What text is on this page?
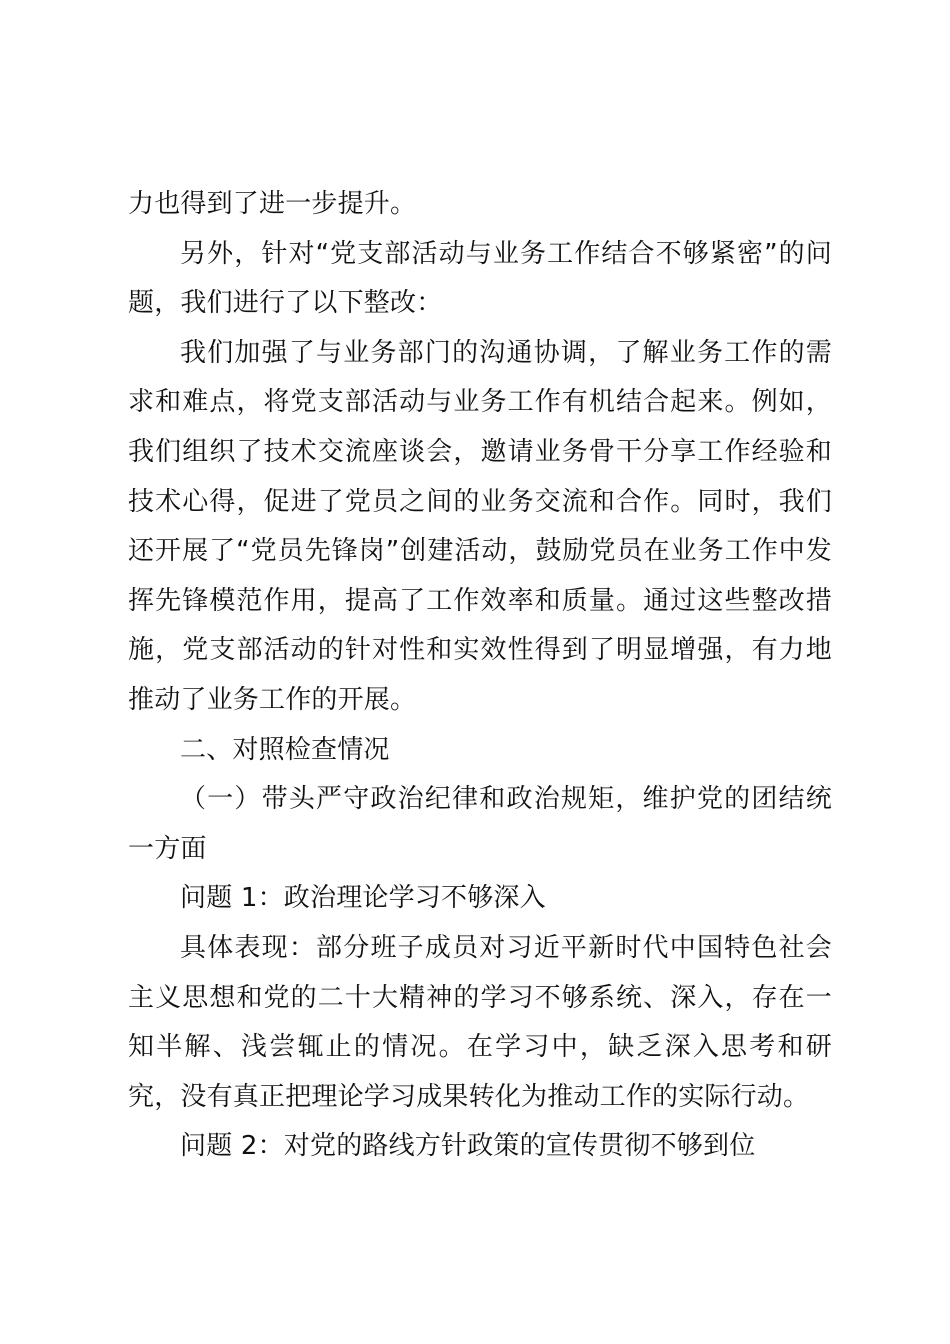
力也得到了进一步提升。

另外，针对“党支部活动与业务工作结合不够紧密”的问题，我们进行了以下整改：

我们加强了与业务部门的沟通协调，了解业务工作的需求和难点，将党支部活动与业务工作有机结合起来。例如，我们组织了技术交流座谈会，邀请业务骨干分享工作经验和技术心得，促进了党员之间的业务交流和合作。同时，我们还开展了“党员先锋岗”创建活动，鼓励党员在业务工作中发挥先锋模范作用，提高了工作效率和质量。通过这些整改措施，党支部活动的针对性和实效性得到了明显增强，有力地推动了业务工作的开展。

二、对照检查情况

（一）带头严守政治纪律和政治规矩，维护党的团结统一方面

问题 1：政治理论学习不够深入

具体表现：部分班子成员对习近平新时代中国特色社会主义思想和党的二十大精神的学习不够系统、深入，存在一知半解、浅尝辄止的情况。在学习中，缺乏深入思考和研究，没有真正把理论学习成果转化为推动工作的实际行动。

问题 2：对党的路线方针政策的宣传贯彻不够到位
